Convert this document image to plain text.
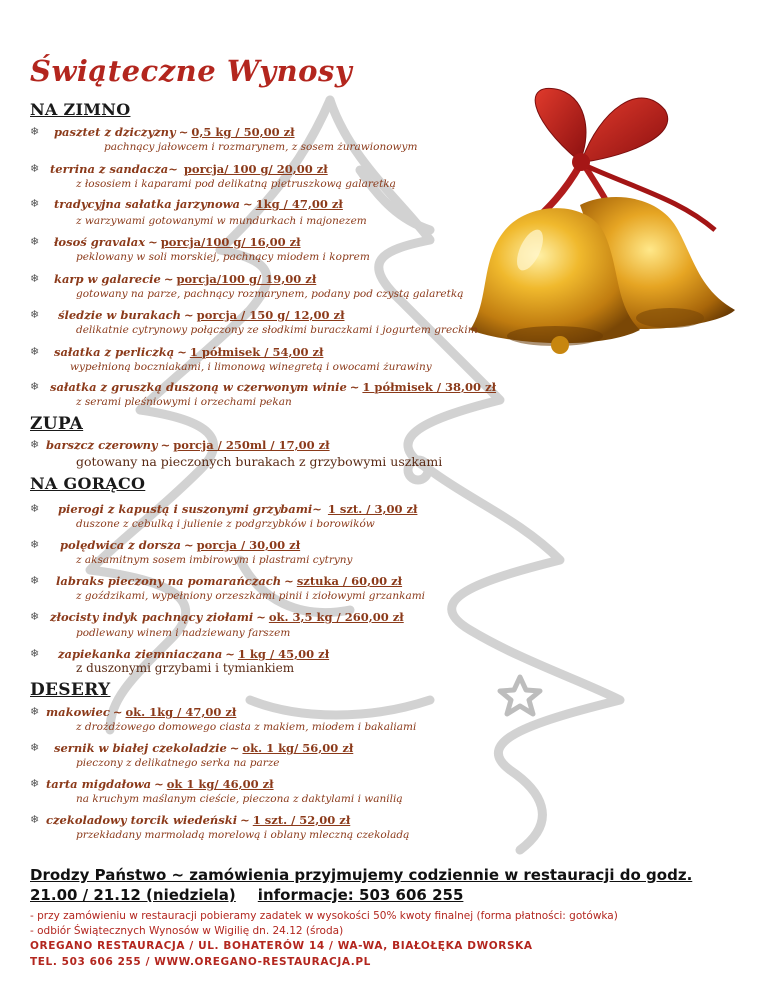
Świąteczne Wynosy
NA ZIMNO
❄ pasztet z dziczyzny ~ 0,5 kg / 50,00 zł
pachnący jałowcem i rozmarynem, z sosem żurawionowym
❄ terrina z sandacza~ porcja/ 100 g/ 20,00 zł
z łososiem i kaparami pod delikatną pietruszkową galaretką
❄ tradycyjna sałatka jarzynowa ~ 1kg / 47,00 zł
z warzywami gotowanymi w mundurkach i majonezem
❄ łosoś gravalax ~ porcja/100 g/ 16,00 zł
peklowany w soli morskiej, pachnący miodem i koprem
❄ karp w galarecie ~ porcja/100 g/ 19,00 zł
gotowany na parze, pachnący rozmarynem, podany pod czystą galaretką
❄ śledzie w burakach ~ porcja / 150 g/ 12,00 zł
delikatnie cytrynowy połączony ze słodkimi buraczkami i jogurtem greckim
❄ sałatka z perliczką ~ 1 półmisek / 54,00 zł
wypełnioną boczniakami, i limonową winegretą i owocami żurawiny
❄ sałatka z gruszką duszoną w czerwonym winie ~ 1 półmisek / 38,00 zł
z serami pleśniowymi i orzechami pekan
ZUPA
❄ barszcz czerowny ~ porcja / 250ml / 17,00 zł
gotowany na pieczonych burakach z grzybowymi uszkami
NA GORĄCO
❄ pierogi z kapustą i suszonymi grzybami~ 1 szt. / 3,00 zł
duszone z cebulką i julienie z podgrzybków i borowików
❄ polędwica z dorsza ~ porcja / 30,00 zł
z aksamitnym sosem imbirowym i plastrami cytryny
❄ labraks pieczony na pomarańczach ~ sztuka / 60,00 zł
z goździkami, wypełniony orzeszkami pinii i ziołowymi grzankami
❄ złocisty indyk pachnący ziołami ~ ok. 3,5 kg / 260,00 zł
podlewany winem i nadziewany farszem
❄ zapiekanka ziemniaczana ~ 1 kg / 45,00 zł
z duszonymi grzybami i tymiankiem
DESERY
❄ makowiec ~ ok. 1kg / 47,00 zł
z drożdżowego domowego ciasta z makiem, miodem i bakaliami
❄ sernik w białej czekoladzie ~ ok. 1 kg/ 56,00 zł
pieczony z delikatnego serka na parze
❄ tarta migdałowa ~ ok 1 kg/ 46,00 zł
na kruchym maślanym cieście, pieczona z daktylami i wanilią
❄ czekoladowy torcik wiedeński ~ 1 szt. / 52,00 zł
przekładany marmoladą morelową i oblany mleczną czekoladą
Drodzy Państwo ~ zamówienia przyjmujemy codziennie w restauracji do godz.
21.00 / 21.12 (niedziela) informacje: 503 606 255
- przy zamówieniu w restauracji pobieramy zadatek w wysokości 50% kwoty finalnej (forma płatności: gotówka)
- odbiór Świątecznych Wynosów w Wigilię dn. 24.12 (środa)
OREGANO RESTAURACJA / UL. BOHATERÓW 14 / WA-WA, BIAŁOŁĘKA DWORSKA
TEL. 503 606 255 / WWW.OREGANO-RESTAURACJA.PL
